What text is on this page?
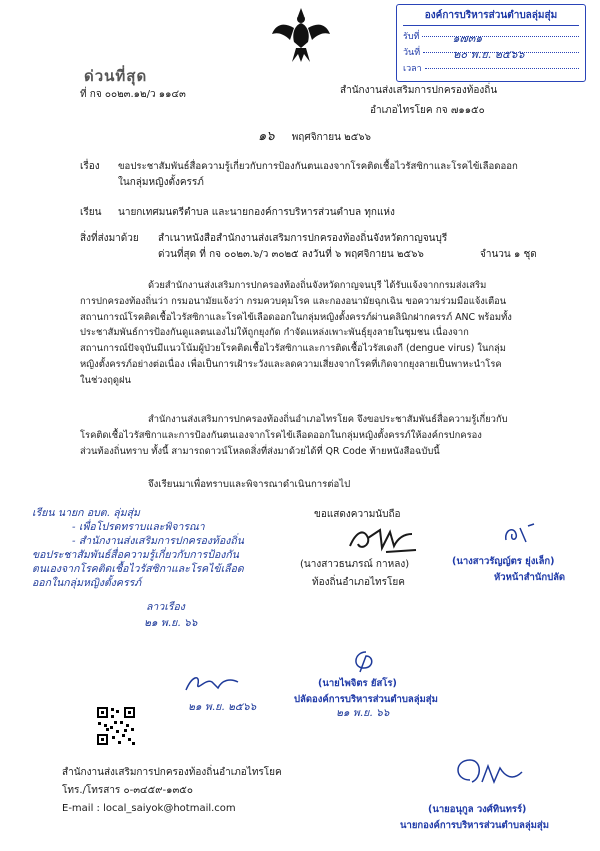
องค์การบริหารส่วนตำบลลุ่มสุ่ม
รับที่	๑๗๓๑
วันที่	๒๐ พ.ย. ๒๕๖๖
เวลา
ด่วนที่สุด
ที่ กจ ๐๐๒๓.๑๒/ว ๑๑๔๓	สำนักงานส่งเสริมการปกครองท้องถิ่น
อำเภอไทรโยค กจ ๗๑๑๕๐
๑๖ พฤศจิกายน ๒๕๖๖
เรื่อง ขอประชาสัมพันธ์สื่อความรู้เกี่ยวกับการป้องกันตนเองจากโรคติดเชื้อไวรัสซิกาและโรคไข้เลือดออก
ในกลุ่มหญิงตั้งครรภ์
เรียน นายกเทศมนตรีตำบล และนายกองค์การบริหารส่วนตำบล ทุกแห่ง
สิ่งที่ส่งมาด้วย สำเนาหนังสือสำนักงานส่งเสริมการปกครองท้องถิ่นจังหวัดกาญจนบุรี
ด่วนที่สุด ที่ กจ ๐๐๒๓.๖/ว ๓๐๒๕ ลงวันที่ ๖ พฤศจิกายน ๒๕๖๖	จำนวน ๑ ชุด
ด้วยสำนักงานส่งเสริมการปกครองท้องถิ่นจังหวัดกาญจนบุรี ได้รับแจ้งจากกรมส่งเสริม
การปกครองท้องถิ่นว่า กรมอนามัยแจ้งว่า กรมควบคุมโรค และกองอนามัยฉุกเฉิน ขอความร่วมมือแจ้งเตือน
สถานการณ์โรคติดเชื้อไวรัสซิกาและโรคไข้เลือดออกในกลุ่มหญิงตั้งครรภ์ผ่านคลินิกฝากครรภ์ ANC พร้อมทั้ง
ประชาสัมพันธ์การป้องกันดูแลตนเองไม่ให้ถูกยุงกัด กำจัดแหล่งเพาะพันธุ์ยุงลายในชุมชน เนื่องจาก
สถานการณ์ปัจจุบันมีแนวโน้มผู้ป่วยโรคติดเชื้อไวรัสซิกาและการติดเชื้อไวรัสเดงกี (dengue virus) ในกลุ่ม
หญิงตั้งครรภ์อย่างต่อเนื่อง เพื่อเป็นการเฝ้าระวังและลดความเสี่ยงจากโรคที่เกิดจากยุงลายเป็นพาหะนำโรค
ในช่วงฤดูฝน
สำนักงานส่งเสริมการปกครองท้องถิ่นอำเภอไทรโยค จึงขอประชาสัมพันธ์สื่อความรู้เกี่ยวกับ
โรคติดเชื้อไวรัสซิกาและการป้องกันตนเองจากโรคไข้เลือดออกในกลุ่มหญิงตั้งครรภ์ให้องค์กรปกครอง
ส่วนท้องถิ่นทราบ ทั้งนี้ สามารถดาวน์โหลดสิ่งที่ส่งมาด้วยได้ที่ QR Code ท้ายหนังสือฉบับนี้
จึงเรียนมาเพื่อทราบและพิจารณาดำเนินการต่อไป
เรียน นายก อบต. ลุ่มสุ่ม
- เพื่อโปรดทราบและพิจารณา
- สำนักงานส่งเสริมการปกครองท้องถิ่น
ขอประชาสัมพันธ์สื่อความรู้เกี่ยวกับการป้องกัน
ตนเองจากโรคติดเชื้อไวรัสซิกาและโรคไข้เลือด
ออกในกลุ่มหญิงตั้งครรภ์
ลาวเรือง
๒๑ พ.ย. ๖๖
ขอแสดงความนับถือ
(นางสาวธนภรณ์ กาหลง)
ท้องถิ่นอำเภอไทรโยค
(นางสาวรัญญ์ตร ยุ่งเล็ก)
หัวหน้าสำนักปลัด
(นายไพจิตร ยัสโร)
ปลัดองค์การบริหารส่วนตำบลลุ่มสุ่ม
๒๑ พ.ย. ๖๖
๒๑ พ.ย. ๒๕๖๖
สำนักงานส่งเสริมการปกครองท้องถิ่นอำเภอไทรโยค
โทร./โทรสาร ๐-๓๔๕๙-๑๓๕๐
E-mail : local_saiyok@hotmail.com	(นายอนุกูล วงศ์ทินทรร์)
นายกองค์การบริหารส่วนตำบลลุ่มสุ่ม
